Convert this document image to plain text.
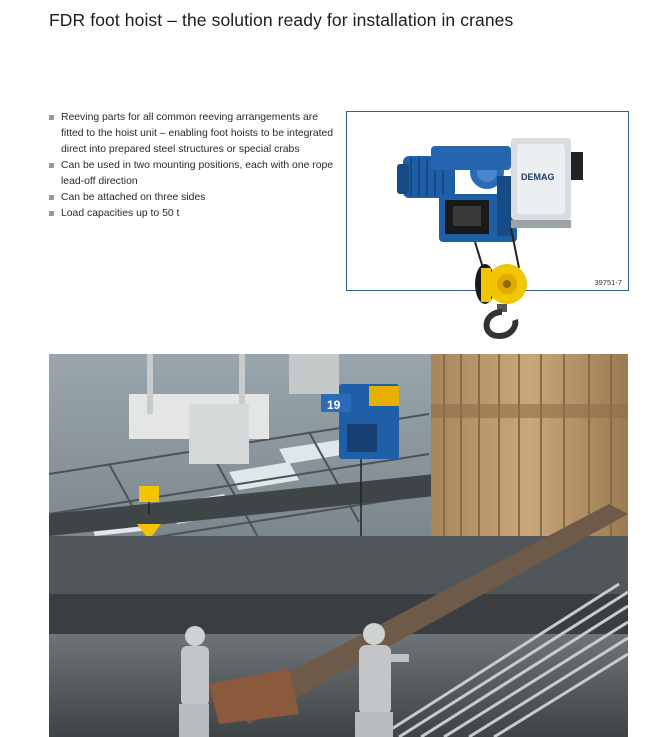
FDR foot hoist – the solution ready for installation in cranes
Reeving parts for all common reeving arrangements are fitted to the hoist unit – enabling foot hoists to be integrated direct into prepared steel structures or special crabs
Can be used in two mounting positions, each with one rope lead-off direction
Can be attached on three sides
Load capacities up to 50 t
DEMAG
39751-7
19
